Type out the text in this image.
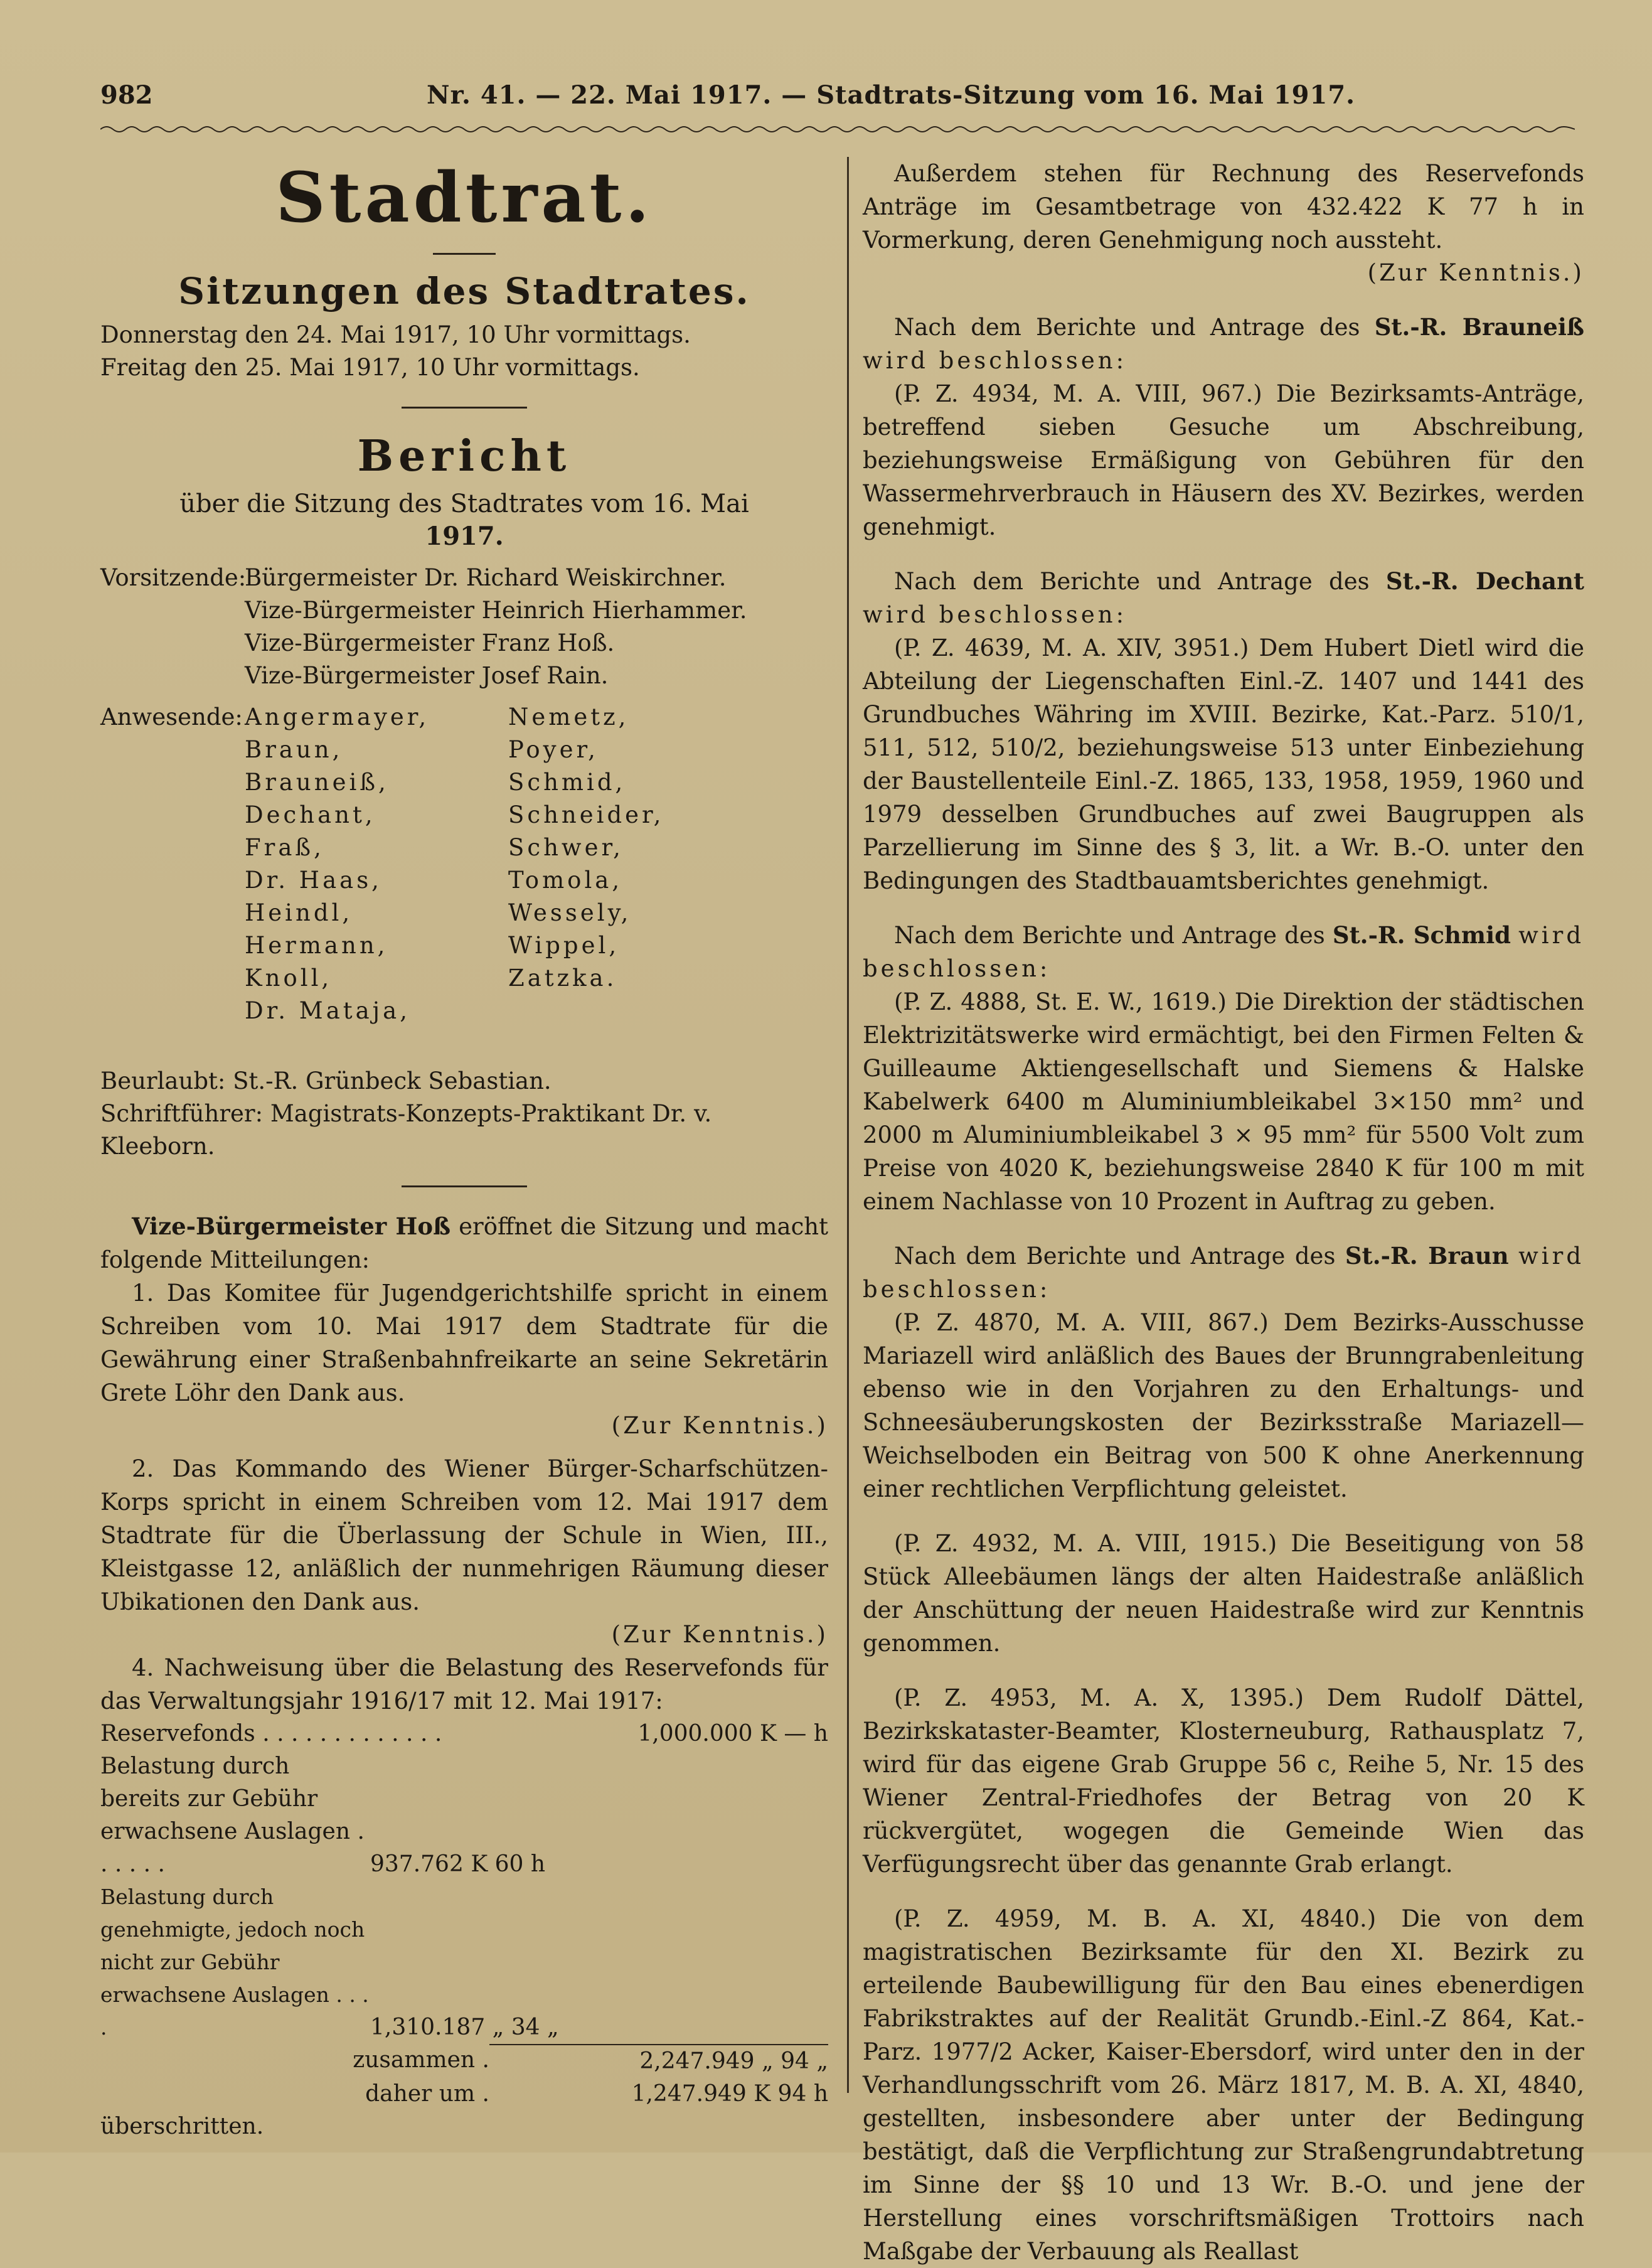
982	Nr. 41. — 22. Mai 1917. — Stadtrats-Sitzung vom 16. Mai 1917.
Stadtrat.
Sitzungen des Stadtrates.
Donnerstag den 24. Mai 1917, 10 Uhr vormittags.
Freitag den 25. Mai 1917, 10 Uhr vormittags.
Bericht
über die Sitzung des Stadtrates vom 16. Mai
1917.
Vorsitzende:
Bürgermeister Dr. Richard Weiskirchner.
Vize-Bürgermeister Heinrich Hierhammer.
Vize-Bürgermeister Franz Hoß.
Vize-Bürgermeister Josef Rain.
Anwesende: Angermayer,	Nemetz,
Braun,	Poyer,
Brauneiß,	Schmid,
Dechant,	Schneider,
Fraß,	Schwer,
Dr. Haas,	Tomola,
Heindl,	Wessely,
Hermann,	Wippel,
Knoll,	Zatzka.
Dr. Mataja,
Beurlaubt: St.-R. Grünbeck Sebastian.
Schriftführer: Magistrats-Konzepts-Praktikant Dr. v. Kleeborn.

Vize-Bürgermeister Hoß eröffnet die Sitzung und macht folgende Mitteilungen:

1. Das Komitee für Jugendgerichtshilfe spricht in einem Schreiben vom 10. Mai 1917 dem Stadtrate für die Gewährung einer Straßenbahnfreikarte an seine Sekretärin Grete Löhr den Dank aus.

(Zur Kenntnis.)

2. Das Kommando des Wiener Bürger-Scharfschützen-Korps spricht in einem Schreiben vom 12. Mai 1917 dem Stadtrate für die Überlassung der Schule in Wien, III., Kleistgasse 12, anläßlich der nunmehrigen Räumung dieser Ubikationen den Dank aus.

(Zur Kenntnis.)

4. Nachweisung über die Belastung des Reservefonds für das Verwaltungsjahr 1916/17 mit 12. Mai 1917:

Reservefonds . . . . . . . . . . . . .	1,000.000 K — h
Belastung durch bereits zur Gebühr erwachsene Auslagen . . . . . .	937.762 K 60 h
Belastung durch genehmigte, jedoch noch nicht zur Gebühr erwachsene Auslagen . . . .	1,310.187 „ 34 „
zusammen .	2,247.949 „ 94 „
daher um .	1,247.949 K 94 h
überschritten.

Außerdem stehen für Rechnung des Reservefonds Anträge im Gesamtbetrage von 432.422 K 77 h in Vormerkung, deren Genehmigung noch aussteht.

(Zur Kenntnis.)

Nach dem Berichte und Antrage des St.-R. Brauneiß wird beschlossen:

(P. Z. 4934, M. A. VIII, 967.) Die Bezirksamts-Anträge, betreffend sieben Gesuche um Abschreibung, beziehungsweise Ermäßigung von Gebühren für den Wassermehrverbrauch in Häusern des XV. Bezirkes, werden genehmigt.

Nach dem Berichte und Antrage des St.-R. Dechant wird beschlossen:

(P. Z. 4639, M. A. XIV, 3951.) Dem Hubert Dietl wird die Abteilung der Liegenschaften Einl.-Z. 1407 und 1441 des Grundbuches Währing im XVIII. Bezirke, Kat.-Parz. 510/1, 511, 512, 510/2, beziehungsweise 513 unter Einbeziehung der Baustellenteile Einl.-Z. 1865, 133, 1958, 1959, 1960 und 1979 desselben Grundbuches auf zwei Baugruppen als Parzellierung im Sinne des § 3, lit. a Wr. B.-O. unter den Bedingungen des Stadtbauamtsberichtes genehmigt.

Nach dem Berichte und Antrage des St.-R. Schmid wird beschlossen:

(P. Z. 4888, St. E. W., 1619.) Die Direktion der städtischen Elektrizitätswerke wird ermächtigt, bei den Firmen Felten & Guilleaume Aktiengesellschaft und Siemens & Halske Kabelwerk 6400 m Aluminiumbleikabel 3×150 mm² und 2000 m Aluminiumbleikabel 3 × 95 mm² für 5500 Volt zum Preise von 4020 K, beziehungsweise 2840 K für 100 m mit einem Nachlasse von 10 Prozent in Auftrag zu geben.

Nach dem Berichte und Antrage des St.-R. Braun wird beschlossen:

(P. Z. 4870, M. A. VIII, 867.) Dem Bezirks-Ausschusse Mariazell wird anläßlich des Baues der Brunngrabenleitung ebenso wie in den Vorjahren zu den Erhaltungs- und Schneesäuberungskosten der Bezirksstraße Mariazell—Weichselboden ein Beitrag von 500 K ohne Anerkennung einer rechtlichen Verpflichtung geleistet.

(P. Z. 4932, M. A. VIII, 1915.) Die Beseitigung von 58 Stück Alleebäumen längs der alten Haidestraße anläßlich der Anschüttung der neuen Haidestraße wird zur Kenntnis genommen.

(P. Z. 4953, M. A. X, 1395.) Dem Rudolf Dättel, Bezirkskataster-Beamter, Klosterneuburg, Rathausplatz 7, wird für das eigene Grab Gruppe 56 c, Reihe 5, Nr. 15 des Wiener Zentral-Friedhofes der Betrag von 20 K rückvergütet, wogegen die Gemeinde Wien das Verfügungsrecht über das genannte Grab erlangt.

(P. Z. 4959, M. B. A. XI, 4840.) Die von dem magistratischen Bezirksamte für den XI. Bezirk zu erteilende Baubewilligung für den Bau eines ebenerdigen Fabrikstraktes auf der Realität Grundb.-Einl.-Z 864, Kat.-Parz. 1977/2 Acker, Kaiser-Ebersdorf, wird unter den in der Verhandlungsschrift vom 26. März 1817, M. B. A. XI, 4840, gestellten, insbesondere aber unter der Bedingung bestätigt, daß die Verpflichtung zur Straßengrundabtretung im Sinne der §§ 10 und 13 Wr. B.-O. und jene der Herstellung eines vorschriftsmäßigen Trottoirs nach Maßgabe der Verbauung als Reallast
